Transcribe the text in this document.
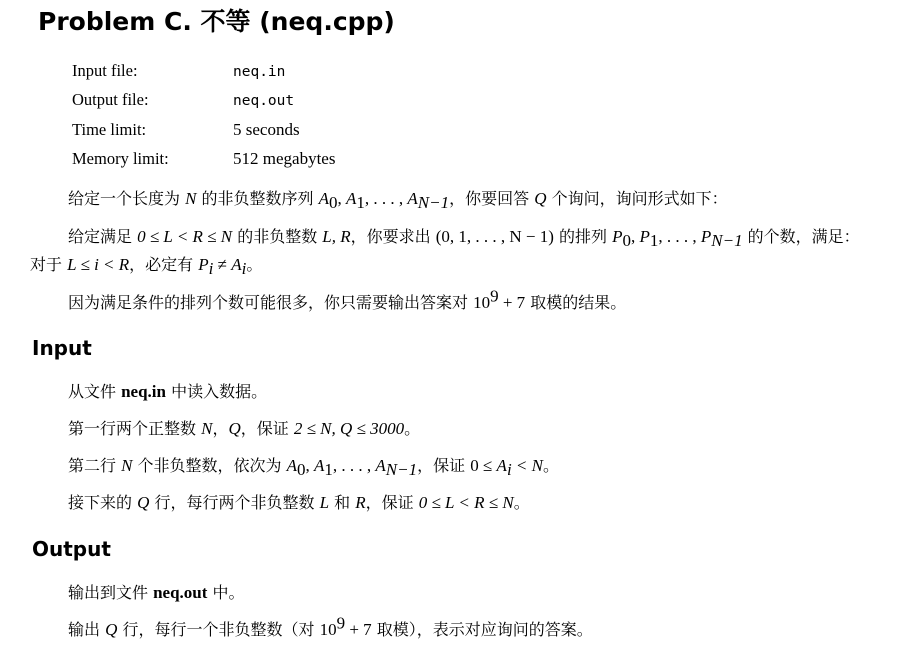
Problem C. 不等 (neq.cpp)
Input file:	neq.in
Output file:	neq.out
Time limit:	5 seconds
Memory limit:	512 megabytes
给定一个长度为 N 的非负整数序列 $A_0$, $A_1$, . . . , $A_{N-1}$，你要回答 Q 个询问，询问形式如下：
给定满足 0 ≤ L < R ≤ N 的非负整数 L, R，你要求出 (0, 1, . . . , N − 1) 的排列 $P_0$, $P_1$, . . . , $P_{N-1}$ 的个数，满足：对于 L ≤ i < R，必定有 $P_i \ne A_i$。
因为满足条件的排列个数可能很多，你只需要输出答案对 $10^9 + 7$ 取模的结果。
Input
从文件 neq.in 中读入数据。
第一行两个正整数 N，Q，保证 2 ≤ N, Q ≤ 3000。
第二行 N 个非负整数，依次为 $A_0$, $A_1$, . . . , $A_{N-1}$，保证 $0 \le A_i < N$。
接下来的 Q 行，每行两个非负整数 L 和 R，保证 0 ≤ L < R ≤ N。
Output
输出到文件 neq.out 中。
输出 Q 行，每行一个非负整数（对 $10^9 + 7$ 取模），表示对应询问的答案。
